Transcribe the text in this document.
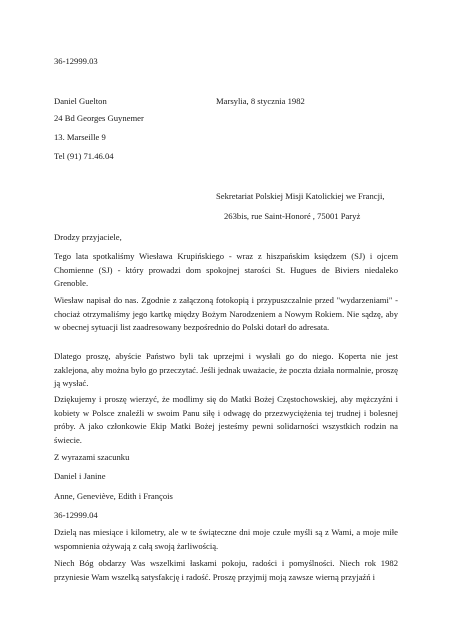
36-12999.03
Daniel Guelton	Marsylia, 8 stycznia 1982
24 Bd Georges Guynemer
13. Marseille 9
Tel (91) 71.46.04
Sekretariat Polskiej Misji Katolickiej we Francji,
263bis, rue Saint-Honoré , 75001 Paryż
Drodzy przyjaciele,
Tego lata spotkaliśmy Wiesława Krupińskiego - wraz z hiszpańskim księdzem (SJ) i ojcem Chomienne (SJ) - który prowadzi dom spokojnej starości St. Hugues de Biviers niedaleko Grenoble.
Wiesław napisał do nas. Zgodnie z załączoną fotokopią i przypuszczalnie przed "wydarzeniami" - chociaż otrzymaliśmy jego kartkę między Bożym Narodzeniem a Nowym Rokiem. Nie sądzę, aby w obecnej sytuacji list zaadresowany bezpośrednio do Polski dotarł do adresata.
Dlatego proszę, abyście Państwo byli tak uprzejmi i wysłali go do niego. Koperta nie jest zaklejona, aby można było go przeczytać. Jeśli jednak uważacie, że poczta działa normalnie, proszę ją wysłać.
Dziękujemy i proszę wierzyć, że modlimy się do Matki Bożej Częstochowskiej, aby mężczyźni i kobiety w Polsce znaleźli w swoim Panu siłę i odwagę do przezwyciężenia tej trudnej i bolesnej próby. A jako członkowie Ekip Matki Bożej jesteśmy pewni solidarności wszystkich rodzin na świecie.
Z wyrazami szacunku
Daniel i Janine
Anne, Geneviève, Edith i François
36-12999.04
Dzielą nas miesiące i kilometry, ale w te świąteczne dni moje czułe myśli są z Wami, a moje miłe wspomnienia ożywają z całą swoją żarliwością.
Niech Bóg obdarzy Was wszelkimi łaskami pokoju, radości i pomyślności. Niech rok 1982 przyniesie Wam wszelką satysfakcję i radość. Proszę przyjmij moją zawsze wierną przyjaźń i
